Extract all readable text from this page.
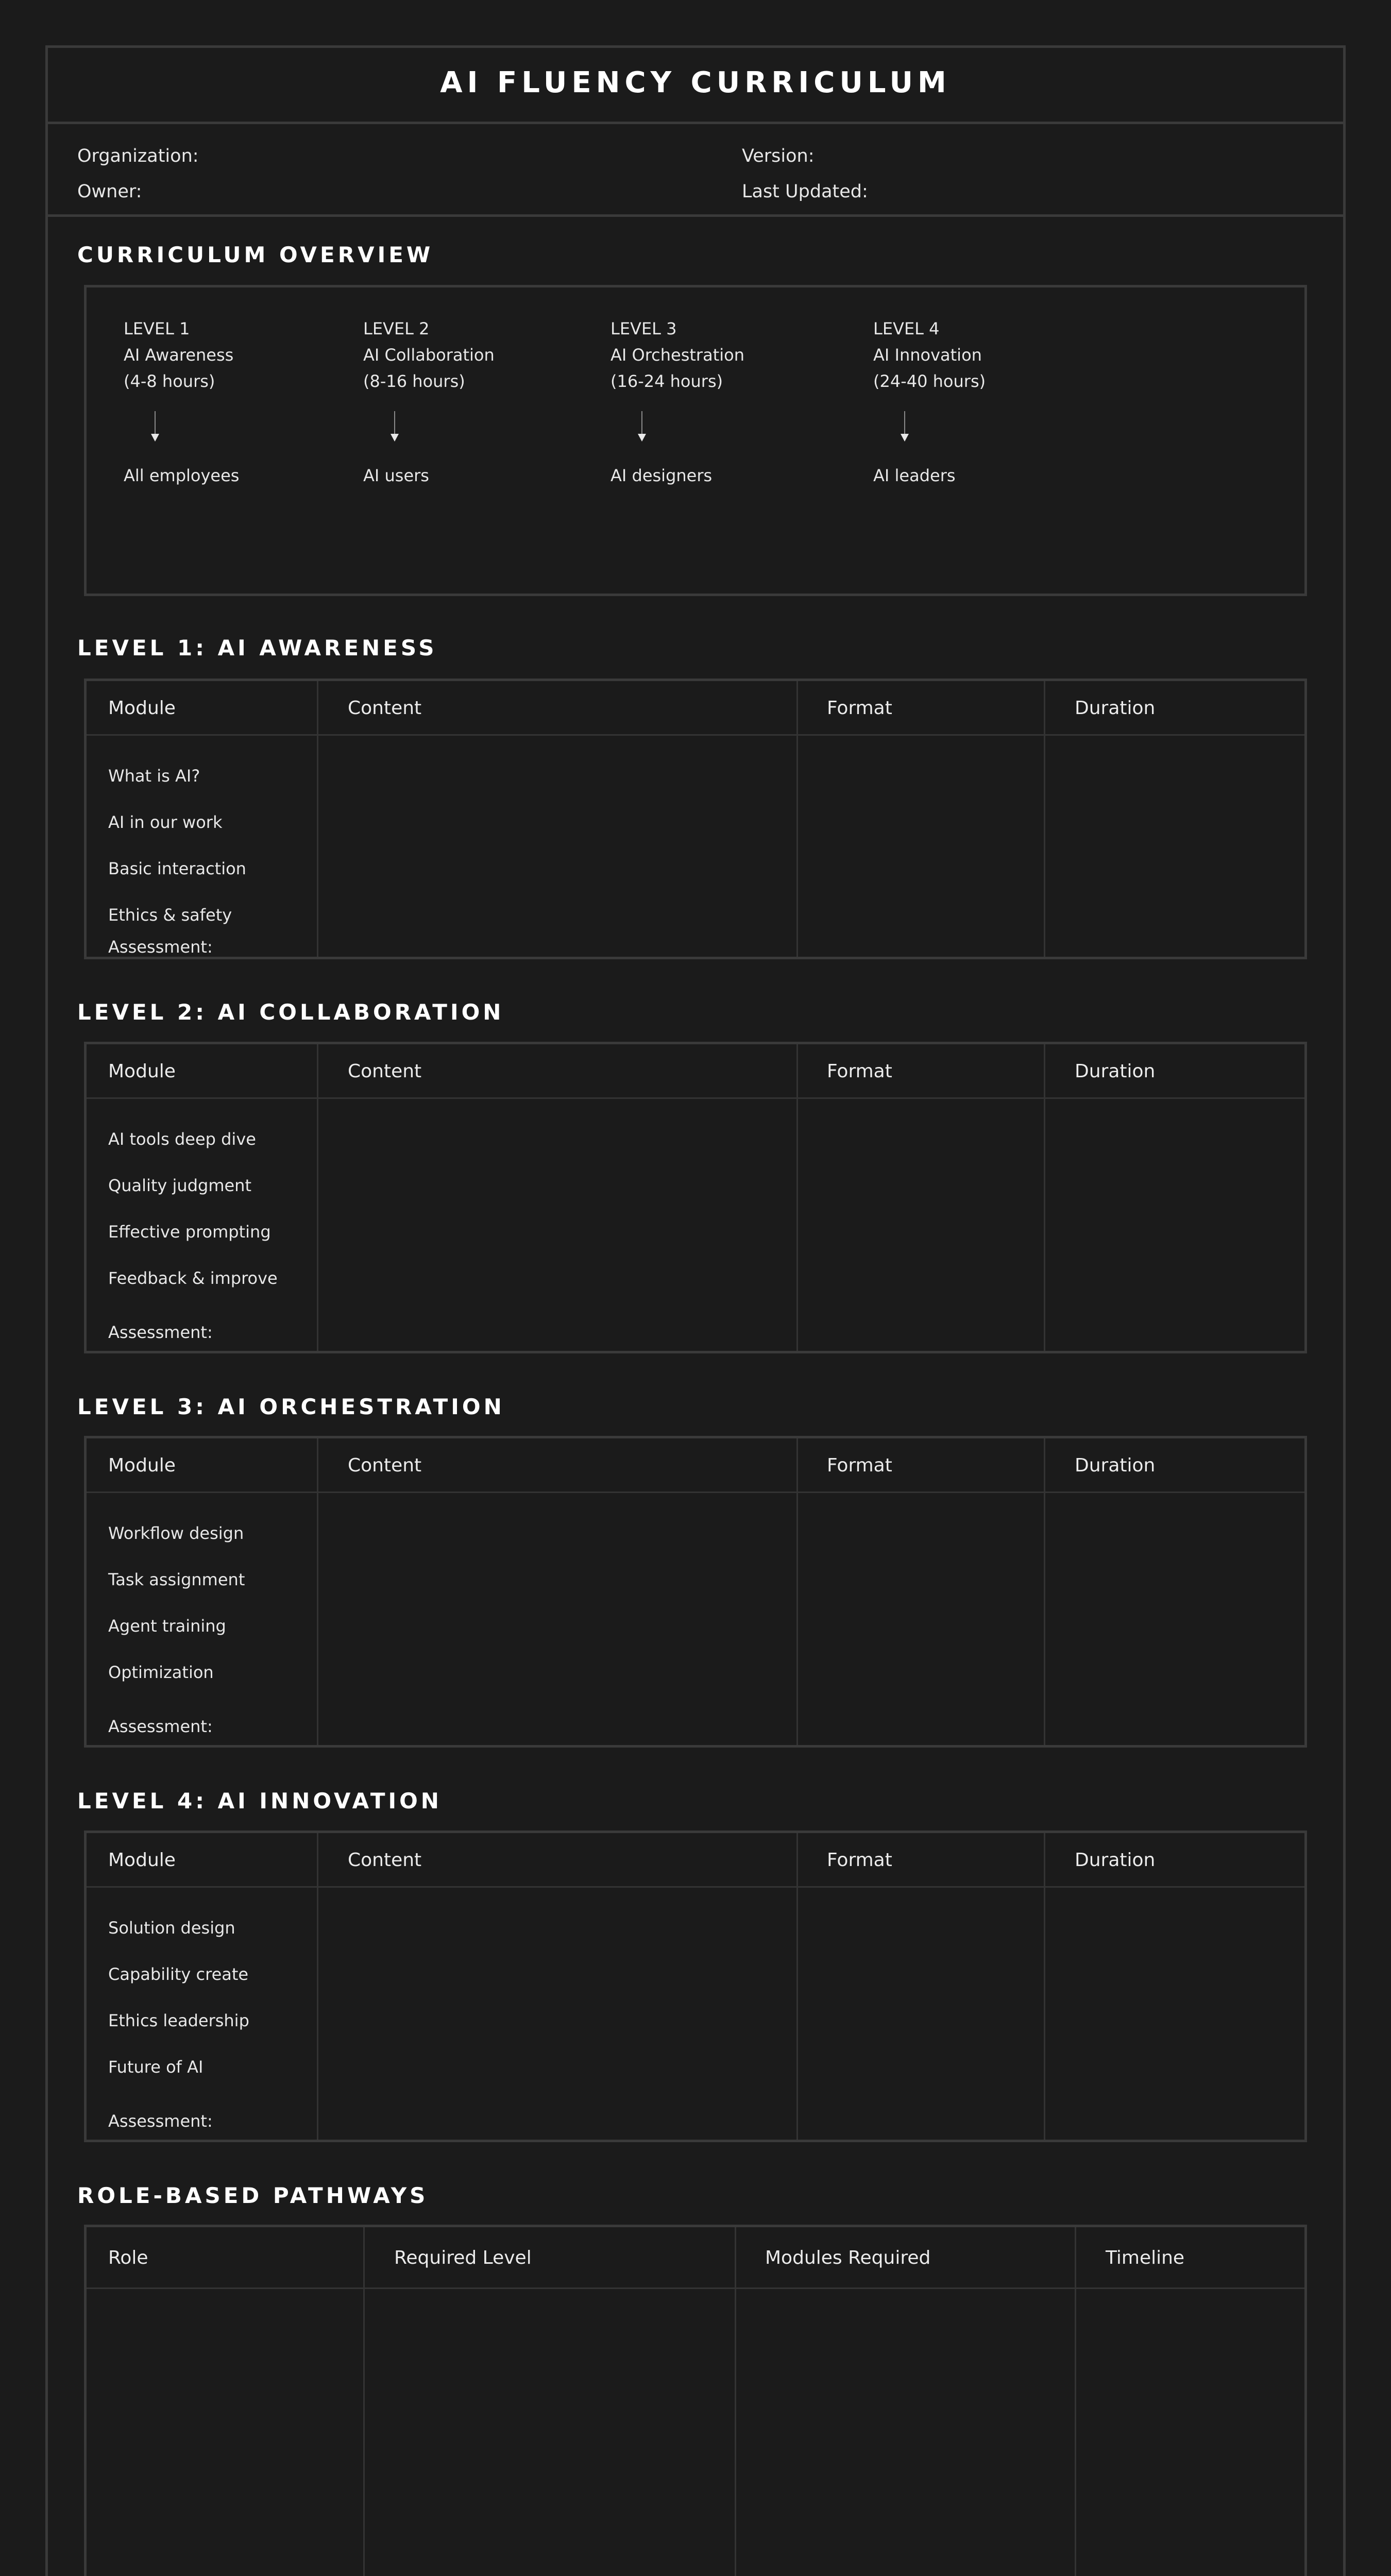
AI FLUENCY CURRICULUM
Organization:
Owner:
Version:
Last Updated:
CURRICULUM OVERVIEW
LEVEL 1
AI Awareness
(4-8 hours)
All employees
LEVEL 2
AI Collaboration
(8-16 hours)
AI users
LEVEL 3
AI Orchestration
(16-24 hours)
AI designers
LEVEL 4
AI Innovation
(24-40 hours)
AI leaders
LEVEL 1: AI AWARENESS
Module	Content	Format	Duration
What is AI?
AI in our work
Basic interaction
Ethics & safety
Assessment:
LEVEL 2: AI COLLABORATION
Module	Content	Format	Duration
AI tools deep dive
Quality judgment
Effective prompting
Feedback & improve
Assessment:
LEVEL 3: AI ORCHESTRATION
Module	Content	Format	Duration
Workflow design
Task assignment
Agent training
Optimization
Assessment:
LEVEL 4: AI INNOVATION
Module	Content	Format	Duration
Solution design
Capability create
Ethics leadership
Future of AI
Assessment:
ROLE-BASED PATHWAYS
Role	Required Level	Modules Required	Timeline
